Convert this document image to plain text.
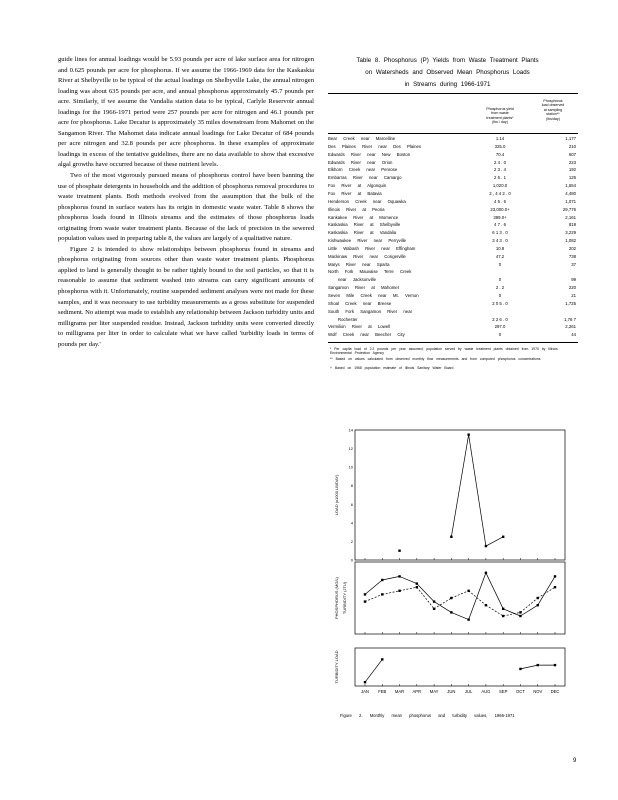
guide lines for annual loadings would be 5.93 pounds per acre of lake surface area for nitrogen and 0.625 pounds per acre for phosphorus. If we assume the 1966-1969 data for the Kaskaskia River at Shelbyville to be typical of the actual loadings on Shelbyville Lake, the annual nitrogen loading was about 635 pounds per acre, and annual phosphorus approximately 45.7 pounds per acre. Similarly, if we assume the Vandalia station data to be typical, Carlyle Reservoir annual loadings for the 1966-1971 period were 257 pounds per acre for nitrogen and 46.1 pounds per acre for phosphorus. Lake Decatur is approximately 35 miles downstream from Mahomet on the Sangamon River. The Mahomet data indicate annual loadings for Lake Decatur of 684 pounds per acre nitrogen and 32.8 pounds per acre phosphorus. In these examples of approximate loadings in excess of the tentative guidelines, there are no data available to show that excessive algal growths have occurred because of these nutrient levels.

Two of the most vigorously pursued means of phosphorus control have been banning the use of phosphate detergents in households and the addition of phosphorus removal procedures to waste treatment plants. Both methods evolved from the assumption that the bulk of the phosphorus found in surface waters has its origin in domestic waste water. Table 8 shows the phosphorus loads found in Illinois streams and the estimates of those phosphorus loads originating from waste water treatment plants. Because of the lack of precision in the sewered population values used in preparing table 8, the values are largely of a qualitative nature.

Figure 2 is intended to show relationships between phosphorus found in streams and phosphorus originating from sources other than waste water treatment plants. Phosphorus applied to land is generally thought to be rather tightly bound to the soil particles, so that it is reasonable to assume that sediment washed into streams can carry significant amounts of phosphorus with it. Unfortunately, routine suspended sediment analyses were not made for these samples, and it was necessary to use turbidity measurements as a gross substitute for suspended sediment. No attempt was made to establish any relationship between Jackson turbidity units and milligrams per liter suspended residue. Instead, Jackson turbidity units were converted directly to milligrams per liter in order to calculate what we have called 'turbidity loads in terms of pounds per day.'

Table 8. Phosphorus (P) Yields from Waste Treatment Plants
on Watersheds and Observed Mean Phosphorus Loads
in Streams during 1966-1971
Phosphorus yield
from waste
treatment plants*
(lbs / day)
Phosphorus
load observed
at sampling
station**
(lbs/day)
Bear Creek near Marcelline	1.14	1,177
Des Plaines River near Des Plaines	325.0	210
Edwards River near New Boston	70.4	607
Edwards River near Orion	2 4 . 0	223
Elkhorn Creek near Penrose	2 3 . 4	192
Embarras River near Camargo	2 6 . 1	125
Fox River at Algonquin	1,020.0	1,654
Fox River at Batavia	2 , 4 4 2 . 0	4,480
Henderson Creek near Oquawka	4 5 . 6	1,071
Illinois River at Peoria	23,000.0+	29,776
Kankakee River at Momence	399.0+	2,161
Kaskaskia River at Shelbyville	4 7 . 6	819
Kaskaskia River at Vandalia	6 1 3 . 0	3,229
Kishwaukee River near Perryville	3 4 3 . 0	1,082
Little Wabash River near Effingham	10.8	202
Mackinaw River near Congerville	47.2	738
Marys River near Sparta	0	37
North Fork Mauvaise Terre Creek
near Jacksonville	0	99
Sangamon River at Mahomet	2 . 2	220
Seven Mile Creek near Mt. Vernon	0	21
Shoal Creek near Breese	2 0 5 . 0	1,725
South Fork Sangamon River near
Rochester	2 2 6 . 0	1,76 7
Vermilion River at Lowell	297.0	2,261
Wolf Creek near Beecher City	0	44
* Per capita load of 2.2 pounds per year assumed; population served by waste treatment plants obtained from 1970 by Illinois Environmental Protection Agency
** Based on values calculated from observed monthly flow measurements and from computed phosphorus concentrations
+ Based on 1968 population estimate of Illinois Sanitary Water Board
0
2
4
6
8
10
12
14
LOAD (x1000 LB/DAY)
PHOSPHORUS (MG/L) TURBIDITY (JTU)
TURBIDITY LOAD
JAN FEB MAR APR MAY JUN JUL AUG SEP OCT NOV DEC
Figure 2. Monthly mean phosphorus and turbidity values, 1966-1971
9
